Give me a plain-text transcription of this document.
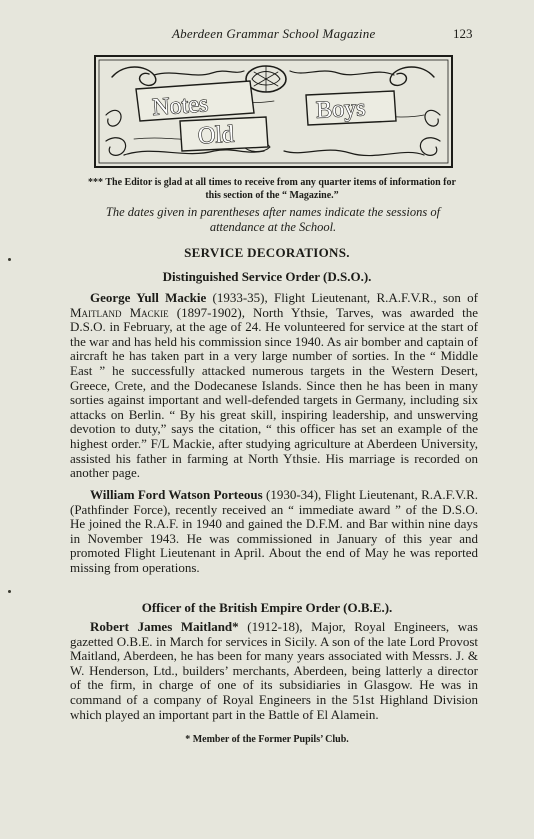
Aberdeen Grammar School Magazine	123
Notes	Boys
Old
*** The Editor is glad at all times to receive from any quarter items of information for this section of the “ Magazine.”
The dates given in parentheses after names indicate the sessions of attendance at the School.
SERVICE DECORATIONS.
Distinguished Service Order (D.S.O.).

George Yull Mackie (1933-35), Flight Lieutenant, R.A.F.V.R., son of Maitland Mackie (1897-1902), North Ythsie, Tarves, was awarded the D.S.O. in February, at the age of 24. He volunteered for service at the start of the war and has held his commission since 1940. As air bomber and captain of aircraft he has taken part in a very large number of sorties. In the “ Middle East ” he successfully attacked numerous targets in the Western Desert, Greece, Crete, and the Dodecanese Islands. Since then he has been in many sorties against important and well-defended targets in Germany, including six attacks on Berlin. “ By his great skill, inspiring leadership, and unswerving devotion to duty,” says the citation, “ this officer has set an example of the highest order.” F/L Mackie, after studying agriculture at Aberdeen University, assisted his father in farming at North Ythsie. His marriage is recorded on another page.

William Ford Watson Porteous (1930-34), Flight Lieutenant, R.A.F.V.R. (Pathfinder Force), recently received an “ immediate award ” of the D.S.O. He joined the R.A.F. in 1940 and gained the D.F.M. and Bar within nine days in November 1943. He was commissioned in January of this year and promoted Flight Lieutenant in April. About the end of May he was reported missing from operations.

Officer of the British Empire Order (O.B.E.).

Robert James Maitland* (1912-18), Major, Royal Engineers, was gazetted O.B.E. in March for services in Sicily. A son of the late Lord Provost Maitland, Aberdeen, he has been for many years associated with Messrs. J. & W. Henderson, Ltd., builders’ merchants, Aberdeen, being latterly a director of the firm, in charge of one of its subsidiaries in Glasgow. He was in command of a company of Royal Engineers in the 51st Highland Division which played an important part in the Battle of El Alamein.

* Member of the Former Pupils’ Club.
